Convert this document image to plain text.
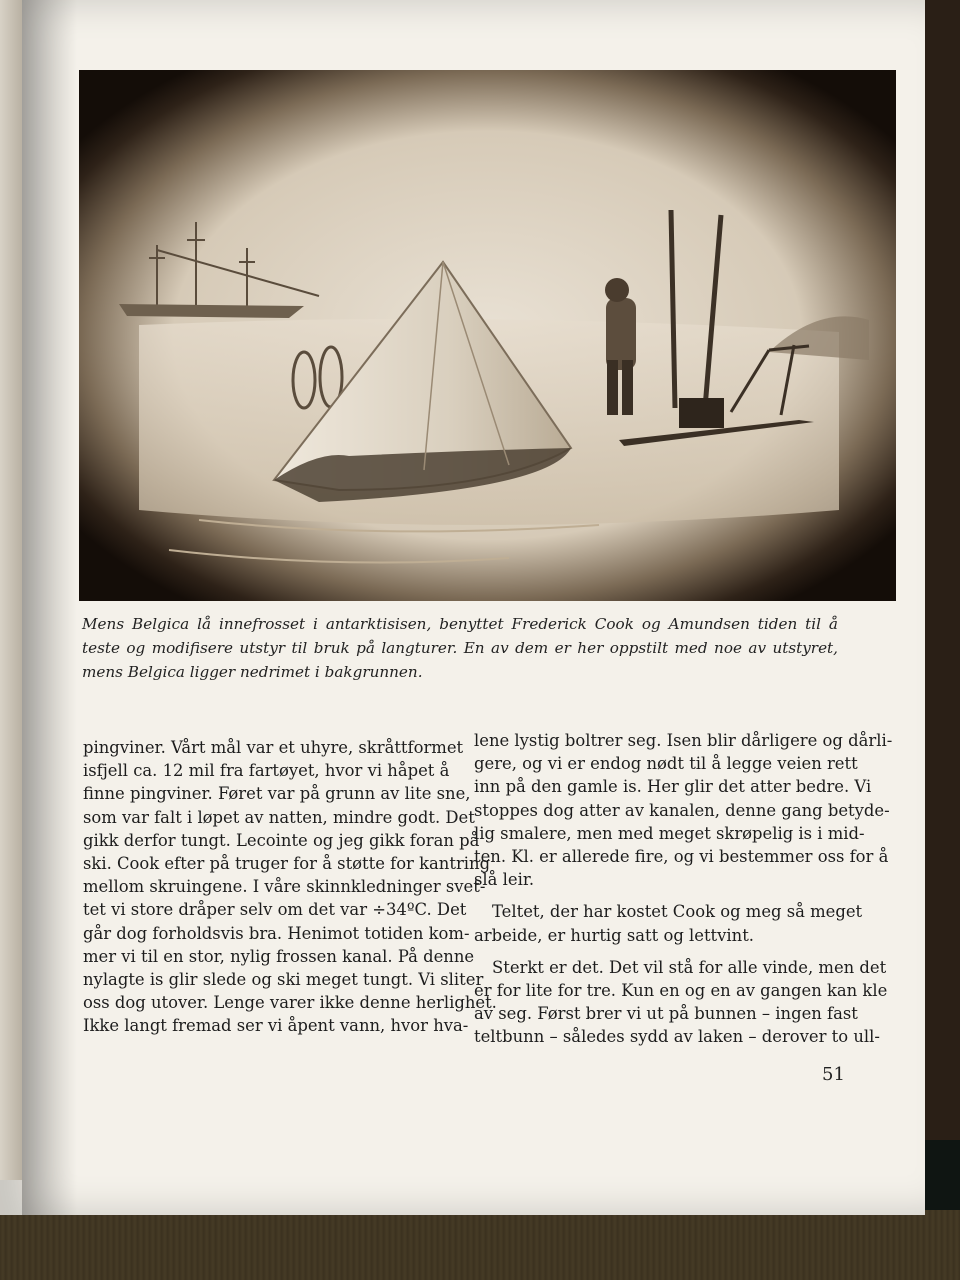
Mens Belgica lå innefrosset i antarktisisen, benyttet Frederick Cook og Amundsen tiden til å teste og modifisere utstyr til bruk på langturer. En av dem er her oppstilt med noe av utstyret, mens Belgica ligger nedrimet i bakgrunnen.

pingviner. Vårt mål var et uhyre, skråttformet

isfjell ca. 12 mil fra fartøyet, hvor vi håpet å

finne pingviner. Føret var på grunn av lite sne,

som var falt i løpet av natten, mindre godt. Det

gikk derfor tungt. Lecointe og jeg gikk foran på

ski. Cook efter på truger for å støtte for kantring

mellom skruingene. I våre skinnkledninger svet-

tet vi store dråper selv om det var ÷34ºC. Det

går dog forholdsvis bra. Henimot totiden kom-

mer vi til en stor, nylig frossen kanal. På denne

nylagte is glir slede og ski meget tungt. Vi sliter

oss dog utover. Lenge varer ikke denne herlighet.

Ikke langt fremad ser vi åpent vann, hvor hva-

lene lystig boltrer seg. Isen blir dårligere og dårli-

gere, og vi er endog nødt til å legge veien rett

inn på den gamle is. Her glir det atter bedre. Vi

stoppes dog atter av kanalen, denne gang betyde-

lig smalere, men med meget skrøpelig is i mid-

ten. Kl. er allerede fire, og vi bestemmer oss for å

slå leir.

Teltet, der har kostet Cook og meg så meget

arbeide, er hurtig satt og lettvint.

Sterkt er det. Det vil stå for alle vinde, men det

er for lite for tre. Kun en og en av gangen kan kle

av seg. Først brer vi ut på bunnen – ingen fast

teltbunn – således sydd av laken – derover to ull-

51
